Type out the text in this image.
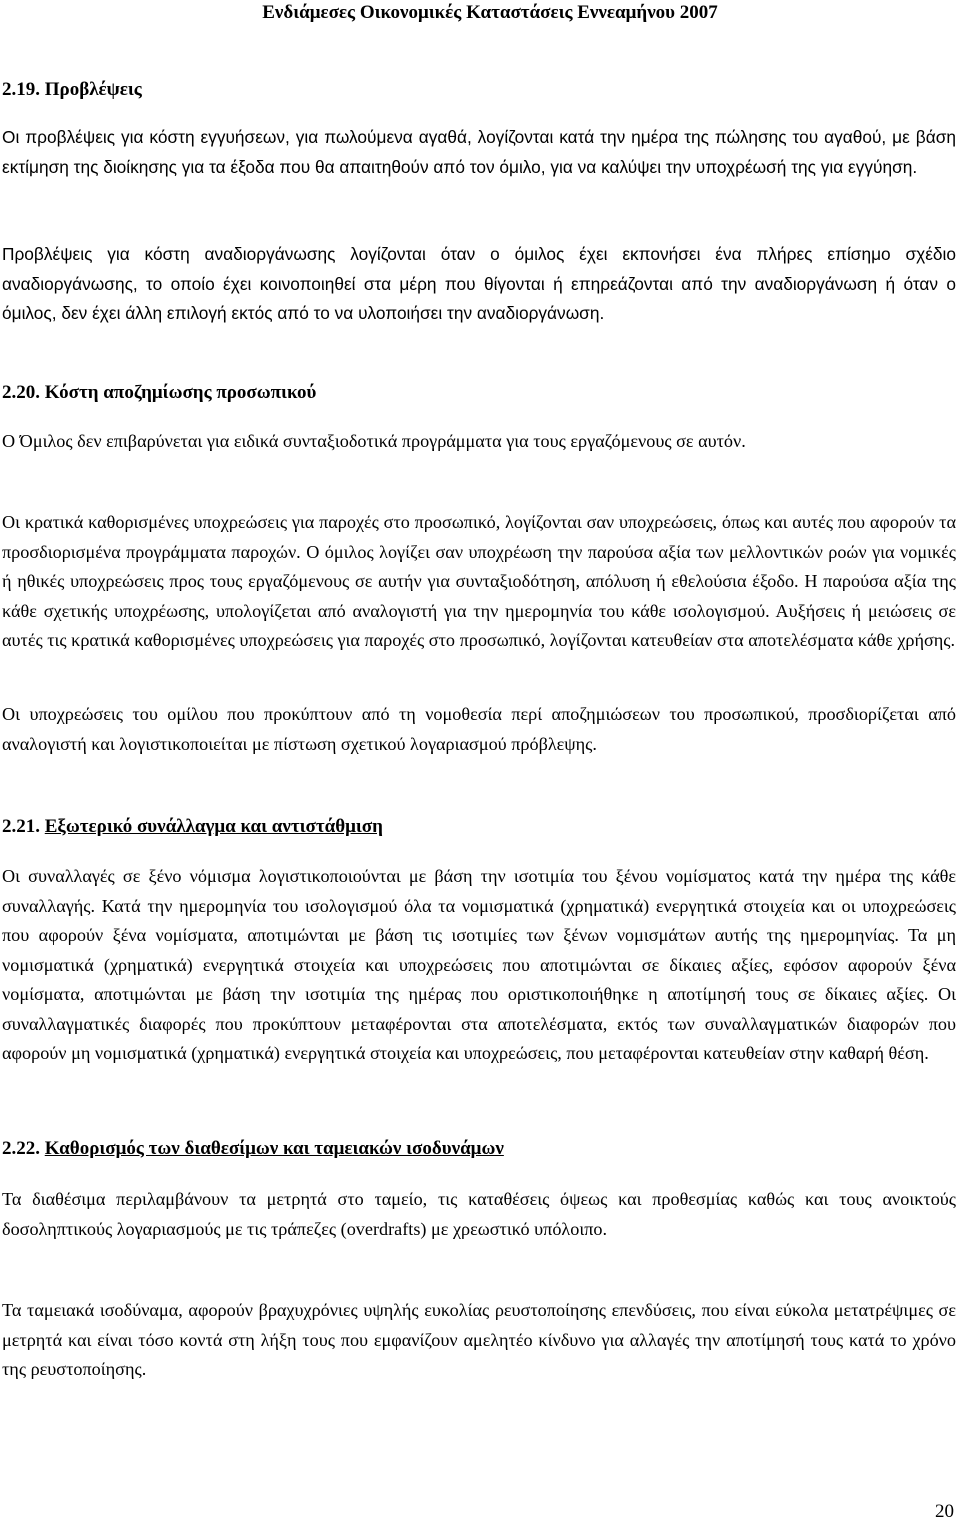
Ενδιάμεσες Οικονομικές Καταστάσεις Εννεαμήνου 2007
2.19. Προβλέψεις

Οι προβλέψεις για κόστη εγγυήσεων, για πωλούμενα αγαθά, λογίζονται κατά την ημέρα της πώλησης του αγαθού, με βάση εκτίμηση της διοίκησης για τα έξοδα που θα απαιτηθούν από τον όμιλο, για να καλύψει την υποχρέωσή της για εγγύηση.

Προβλέψεις για κόστη αναδιοργάνωσης λογίζονται όταν ο όμιλος έχει εκπονήσει ένα πλήρες επίσημο σχέδιο αναδιοργάνωσης, το οποίο έχει κοινοποιηθεί στα μέρη που θίγονται ή επηρεάζονται από την αναδιοργάνωση ή όταν ο όμιλος, δεν έχει άλλη επιλογή εκτός από το να υλοποιήσει την αναδιοργάνωση.

2.20. Κόστη αποζημίωσης προσωπικού

Ο Όμιλος δεν επιβαρύνεται για ειδικά συνταξιοδοτικά προγράμματα για τους εργαζόμενους σε αυτόν.

Οι κρατικά καθορισμένες υποχρεώσεις για παροχές στο προσωπικό, λογίζονται σαν υποχρεώσεις, όπως και αυτές που αφορούν τα προσδιορισμένα προγράμματα παροχών. Ο όμιλος λογίζει σαν υποχρέωση την παρούσα αξία των μελλοντικών ροών για νομικές ή ηθικές υποχρεώσεις προς τους εργαζόμενους σε αυτήν για συνταξιοδότηση, απόλυση ή εθελούσια έξοδο. Η παρούσα αξία της κάθε σχετικής υποχρέωσης, υπολογίζεται από αναλογιστή για την ημερομηνία του κάθε ισολογισμού. Αυξήσεις ή μειώσεις σε αυτές τις κρατικά καθορισμένες υποχρεώσεις για παροχές στο προσωπικό, λογίζονται κατευθείαν στα αποτελέσματα κάθε χρήσης.

Οι υποχρεώσεις του ομίλου που προκύπτουν από τη νομοθεσία περί αποζημιώσεων του προσωπικού, προσδιορίζεται από αναλογιστή και λογιστικοποιείται με πίστωση σχετικού λογαριασμού πρόβλεψης.

2.21. Εξωτερικό συνάλλαγμα και αντιστάθμιση

Οι συναλλαγές σε ξένο νόμισμα λογιστικοποιούνται με βάση την ισοτιμία του ξένου νομίσματος κατά την ημέρα της κάθε συναλλαγής. Κατά την ημερομηνία του ισολογισμού όλα τα νομισματικά (χρηματικά) ενεργητικά στοιχεία και οι υποχρεώσεις που αφορούν ξένα νομίσματα, αποτιμώνται με βάση τις ισοτιμίες των ξένων νομισμάτων αυτής της ημερομηνίας. Τα μη νομισματικά (χρηματικά) ενεργητικά στοιχεία και υποχρεώσεις που αποτιμώνται σε δίκαιες αξίες, εφόσον αφορούν ξένα νομίσματα, αποτιμώνται με βάση την ισοτιμία της ημέρας που οριστικοποιήθηκε η αποτίμησή τους σε δίκαιες αξίες. Οι συναλλαγματικές διαφορές που προκύπτουν μεταφέρονται στα αποτελέσματα, εκτός των συναλλαγματικών διαφορών που αφορούν μη νομισματικά (χρηματικά) ενεργητικά στοιχεία και υποχρεώσεις, που μεταφέρονται κατευθείαν στην καθαρή θέση.

2.22. Καθορισμός των διαθεσίμων και ταμειακών ισοδυνάμων

Τα διαθέσιμα περιλαμβάνουν τα μετρητά στο ταμείο, τις καταθέσεις όψεως και προθεσμίας καθώς και τους ανοικτούς δοσοληπτικούς λογαριασμούς με τις τράπεζες (overdrafts) με χρεωστικό υπόλοιπο.

Τα ταμειακά ισοδύναμα, αφορούν βραχυχρόνιες υψηλής ευκολίας ρευστοποίησης επενδύσεις, που είναι εύκολα μετατρέψιμες σε μετρητά και είναι τόσο κοντά στη λήξη τους που εμφανίζουν αμελητέο κίνδυνο για αλλαγές την αποτίμησή τους κατά το χρόνο της ρευστοποίησης.

20
